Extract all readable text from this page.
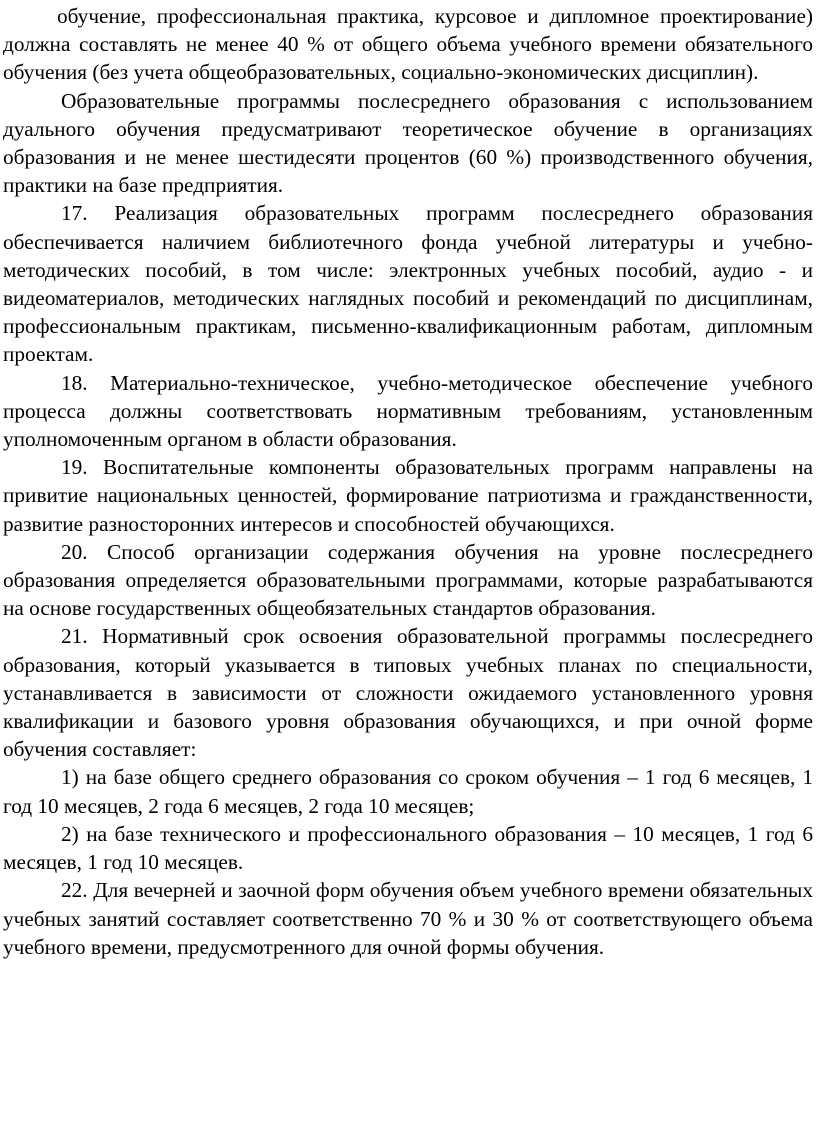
обучение, профессиональная практика, курсовое и дипломное проектирование) должна составлять не менее 40 % от общего объема учебного времени обязательного обучения (без учета общеобразовательных, социально-экономических дисциплин).

Образовательные программы послесреднего образования с использованием дуального обучения предусматривают теоретическое обучение в организациях образования и не менее шестидесяти процентов (60 %) производственного обучения, практики на базе предприятия.

17. Реализация образовательных программ послесреднего образования обеспечивается наличием библиотечного фонда учебной литературы и учебно-методических пособий, в том числе: электронных учебных пособий, аудио - и видеоматериалов, методических наглядных пособий и рекомендаций по дисциплинам, профессиональным практикам, письменно-квалификационным работам, дипломным проектам.

18. Материально-техническое, учебно-методическое обеспечение учебного процесса должны соответствовать нормативным требованиям, установленным уполномоченным органом в области образования.

19. Воспитательные компоненты образовательных программ направлены на привитие национальных ценностей, формирование патриотизма и гражданственности, развитие разносторонних интересов и способностей обучающихся.

20. Способ организации содержания обучения на уровне послесреднего образования определяется образовательными программами, которые разрабатываются на основе государственных общеобязательных стандартов образования.

21. Нормативный срок освоения образовательной программы послесреднего образования, который указывается в типовых учебных планах по специальности, устанавливается в зависимости от сложности ожидаемого установленного уровня квалификации и базового уровня образования обучающихся, и при очной форме обучения составляет:

1) на базе общего среднего образования со сроком обучения – 1 год 6 месяцев, 1 год 10 месяцев, 2 года 6 месяцев, 2 года 10 месяцев;

2) на базе технического и профессионального образования – 10 месяцев, 1 год 6 месяцев, 1 год 10 месяцев.

22. Для вечерней и заочной форм обучения объем учебного времени обязательных учебных занятий составляет соответственно 70 % и 30 % от соответствующего объема учебного времени, предусмотренного для очной формы обучения.
